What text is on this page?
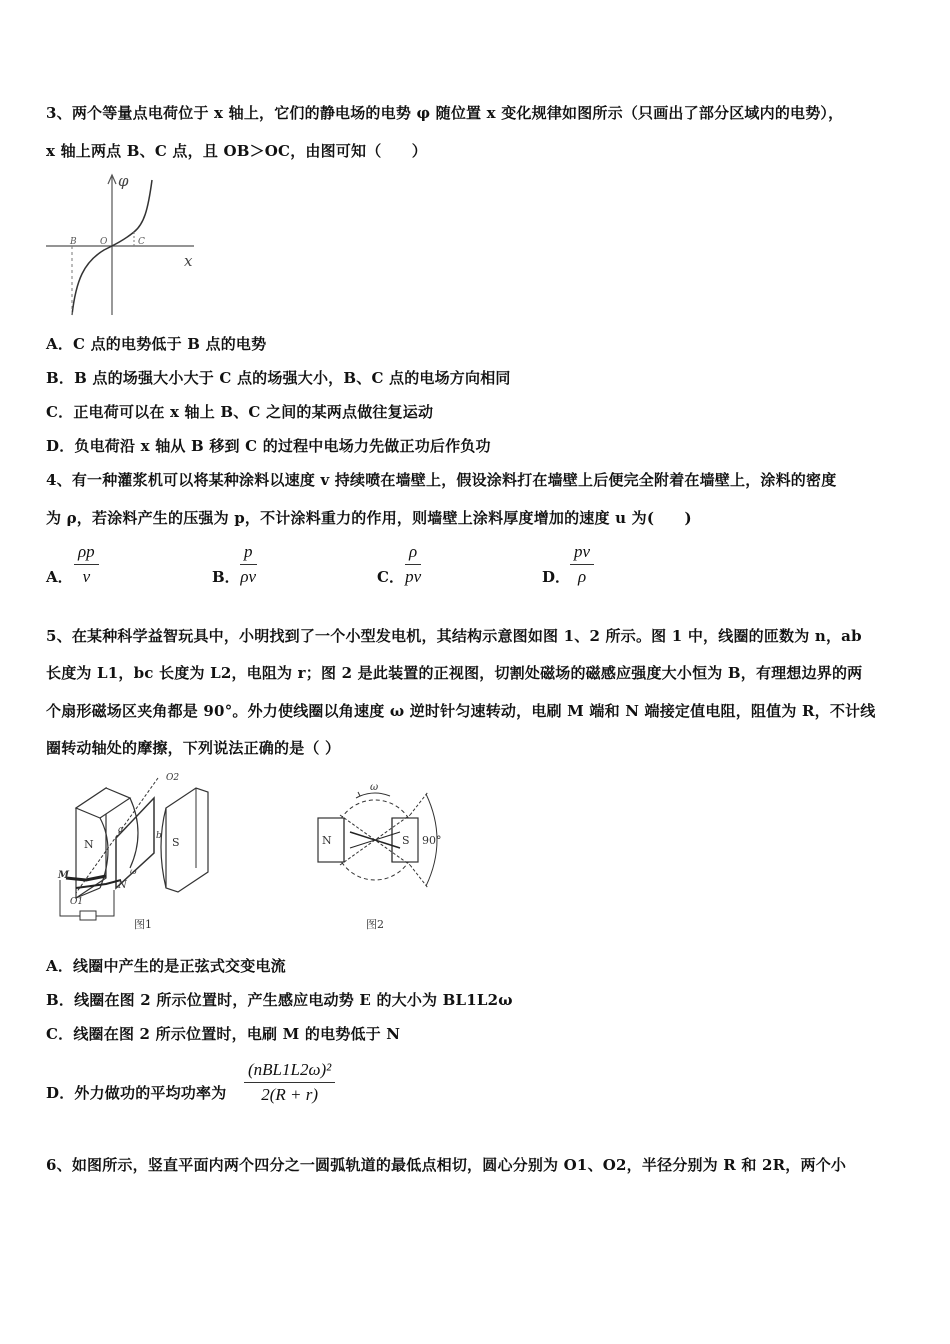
3、两个等量点电荷位于 x 轴上，它们的静电场的电势 φ 随位置 x 变化规律如图所示（只画出了部分区域内的电势），
x 轴上两点 B、C 点，且 OB＞OC，由图可知（　　）
φ
x
B	O	C
A．C 点的电势低于 B 点的电势
B．B 点的场强大小大于 C 点的场强大小，B、C 点的电场方向相同
C．正电荷可以在 x 轴上 B、C 之间的某两点做往复运动
D．负电荷沿 x 轴从 B 移到 C 的过程中电场力先做正功后作负功
4、有一种灌浆机可以将某种涂料以速度 v 持续喷在墙壁上，假设涂料打在墙壁上后便完全附着在墙壁上，涂料的密度
为 ρ，若涂料产生的压强为 p，不计涂料重力的作用，则墙壁上涂料厚度增加的速度 u 为(　　)
A． $\frac{\rho p}{v}$	B． $\frac{p}{\rho v}$	C． $\frac{\rho}{pv}$	D． $\frac{pv}{\rho}$
5、在某种科学益智玩具中，小明找到了一个小型发电机，其结构示意图如图 1、2 所示。图 1 中，线圈的匝数为 n，ab
长度为 L1，bc 长度为 L2，电阻为 r；图 2 是此装置的正视图，切割处磁场的磁感应强度大小恒为 B，有理想边界的两
个扇形磁场区夹角都是 90°。外力使线圈以角速度 ω 逆时针匀速转动，电刷 M 端和 N 端接定值电阻，阻值为 R，不计线
圈转动轴处的摩擦，下列说法正确的是（ ）
N	S
M
N
O1
O2
a
b
ω
图1
ω
N	S 90°
图2
A．线圈中产生的是正弦式交变电流
B．线圈在图 2 所示位置时，产生感应电动势 E 的大小为 BL1L2ω
C．线圈在图 2 所示位置时，电刷 M 的电势低于 N
D．外力做功的平均功率为
(nBL1L2ω)²
2(R + r)
6、如图所示，竖直平面内两个四分之一圆弧轨道的最低点相切，圆心分别为 O1、O2，半径分别为 R 和 2R，两个小
